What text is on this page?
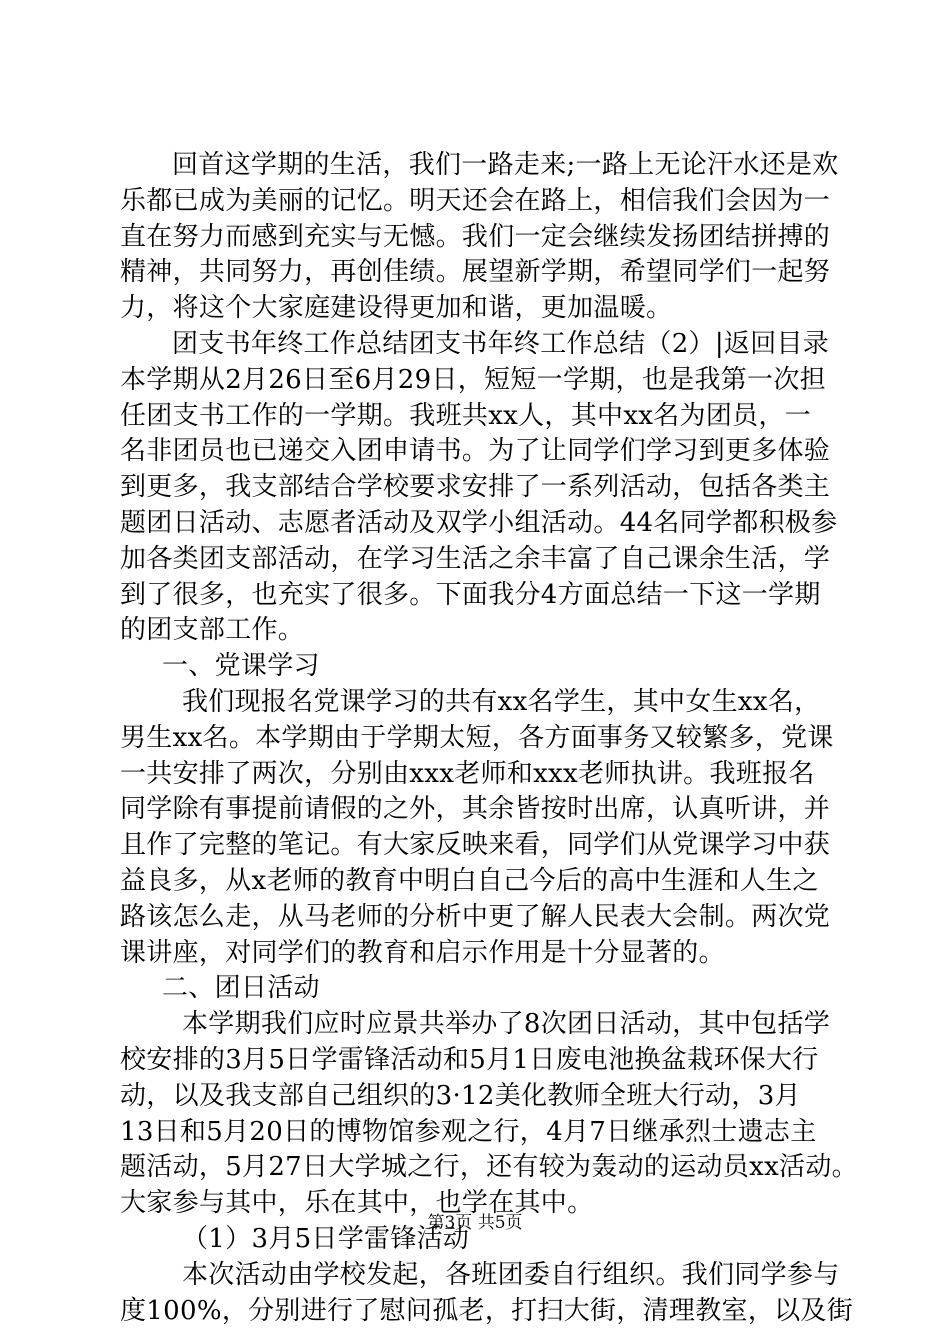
回首这学期的生活，我们一路走来;一路上无论汗水还是欢
乐都已成为美丽的记忆。明天还会在路上，相信我们会因为一
直在努力而感到充实与无憾。我们一定会继续发扬团结拼搏的
精神，共同努力，再创佳绩。展望新学期，希望同学们一起努
力，将这个大家庭建设得更加和谐，更加温暖。
团支书年终工作总结团支书年终工作总结（2）|返回目录
本学期从2月26日至6月29日，短短一学期，也是我第一次担
任团支书工作的一学期。我班共xx人，其中xx名为团员，一
名非团员也已递交入团申请书。为了让同学们学习到更多体验
到更多，我支部结合学校要求安排了一系列活动，包括各类主
题团日活动、志愿者活动及双学小组活动。44名同学都积极参
加各类团支部活动，在学习生活之余丰富了自己课余生活，学
到了很多，也充实了很多。下面我分4方面总结一下这一学期
的团支部工作。
一、党课学习
我们现报名党课学习的共有xx名学生，其中女生xx名，
男生xx名。本学期由于学期太短，各方面事务又较繁多，党课
一共安排了两次，分别由xxx老师和xxx老师执讲。我班报名
同学除有事提前请假的之外，其余皆按时出席，认真听讲，并
且作了完整的笔记。有大家反映来看，同学们从党课学习中获
益良多，从x老师的教育中明白自己今后的高中生涯和人生之
路该怎么走，从马老师的分析中更了解人民表大会制。两次党
课讲座，对同学们的教育和启示作用是十分显著的。
二、团日活动
本学期我们应时应景共举办了8次团日活动，其中包括学
校安排的3月5日学雷锋活动和5月1日废电池换盆栽环保大行
动，以及我支部自己组织的3·12美化教师全班大行动，3月
13日和5月20日的博物馆参观之行，4月7日继承烈士遗志主
题活动，5月27日大学城之行，还有较为轰动的运动员xx活动。
大家参与其中，乐在其中，也学在其中。
（1）3月5日学雷锋活动
本次活动由学校发起，各班团委自行组织。我们同学参与
度100%，分别进行了慰问孤老，打扫大街，清理教室，以及街
第3页 共5页
